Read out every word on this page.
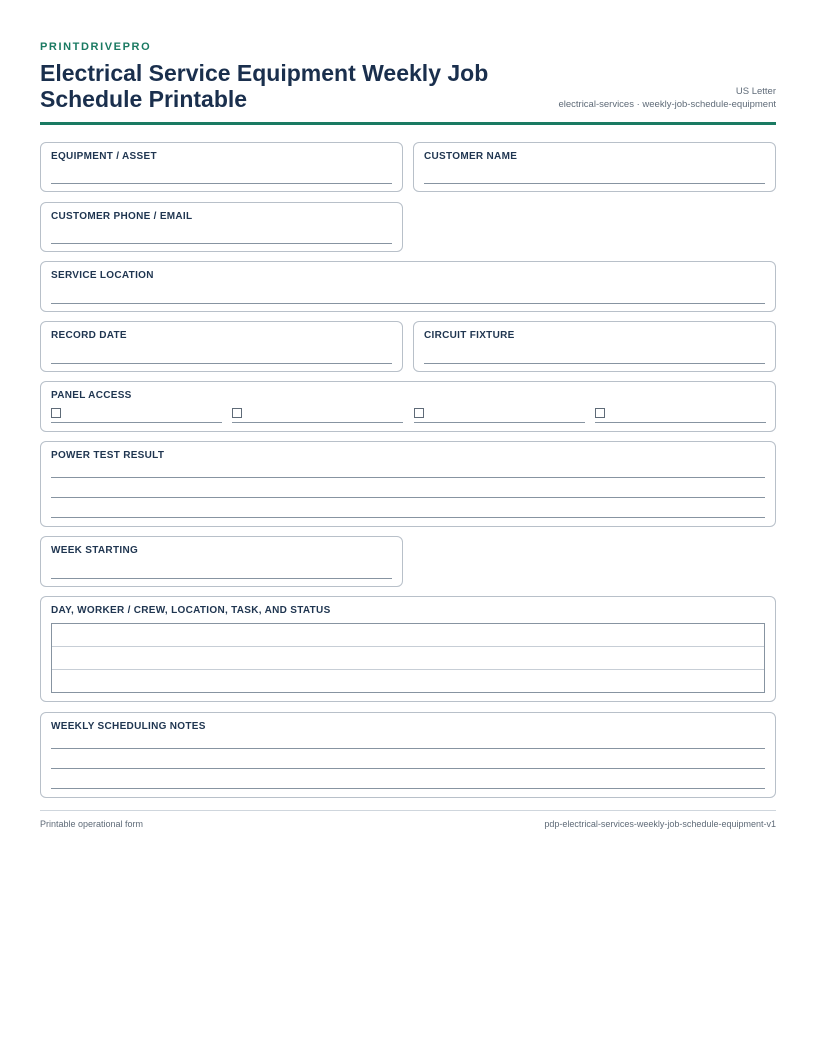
PRINTDRIVEPRO
Electrical Service Equipment Weekly Job Schedule Printable	US Letter
electrical-services · weekly-job-schedule-equipment
EQUIPMENT / ASSET	CUSTOMER NAME
CUSTOMER PHONE / EMAIL
SERVICE LOCATION
RECORD DATE	CIRCUIT FIXTURE
PANEL ACCESS
POWER TEST RESULT
WEEK STARTING
DAY, WORKER / CREW, LOCATION, TASK, AND STATUS
WEEKLY SCHEDULING NOTES
Printable operational form	pdp-electrical-services-weekly-job-schedule-equipment-v1
